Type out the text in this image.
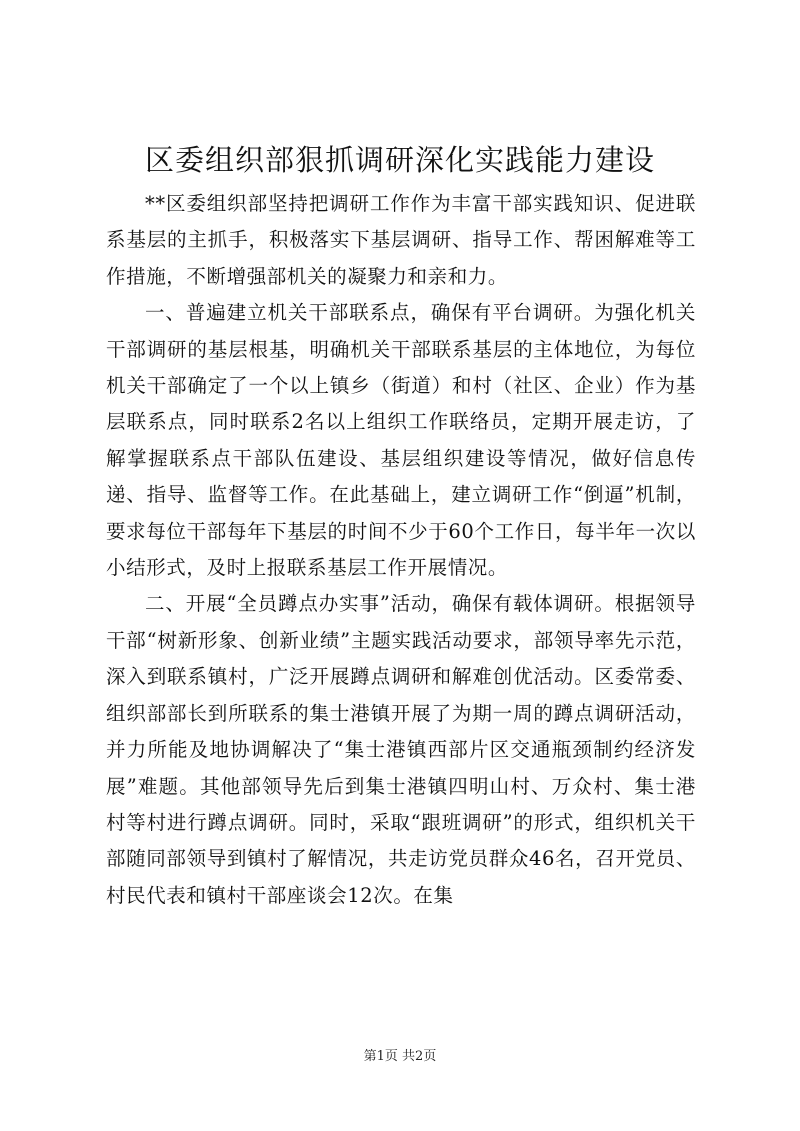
区委组织部狠抓调研深化实践能力建设

**区委组织部坚持把调研工作作为丰富干部实践知识、促进联系基层的主抓手，积极落实下基层调研、指导工作、帮困解难等工作措施，不断增强部机关的凝聚力和亲和力。

一、普遍建立机关干部联系点，确保有平台调研。为强化机关干部调研的基层根基，明确机关干部联系基层的主体地位，为每位机关干部确定了一个以上镇乡（街道）和村（社区、企业）作为基层联系点，同时联系2名以上组织工作联络员，定期开展走访，了解掌握联系点干部队伍建设、基层组织建设等情况，做好信息传递、指导、监督等工作。在此基础上，建立调研工作“倒逼”机制，要求每位干部每年下基层的时间不少于60个工作日，每半年一次以小结形式，及时上报联系基层工作开展情况。

二、开展“全员蹲点办实事”活动，确保有载体调研。根据领导干部“树新形象、创新业绩”主题实践活动要求，部领导率先示范，深入到联系镇村，广泛开展蹲点调研和解难创优活动。区委常委、组织部部长到所联系的集士港镇开展了为期一周的蹲点调研活动，并力所能及地协调解决了“集士港镇西部片区交通瓶颈制约经济发展”难题。其他部领导先后到集士港镇四明山村、万众村、集士港村等村进行蹲点调研。同时，采取“跟班调研”的形式，组织机关干部随同部领导到镇村了解情况，共走访党员群众46名，召开党员、村民代表和镇村干部座谈会12次。在集

第1页 共2页
